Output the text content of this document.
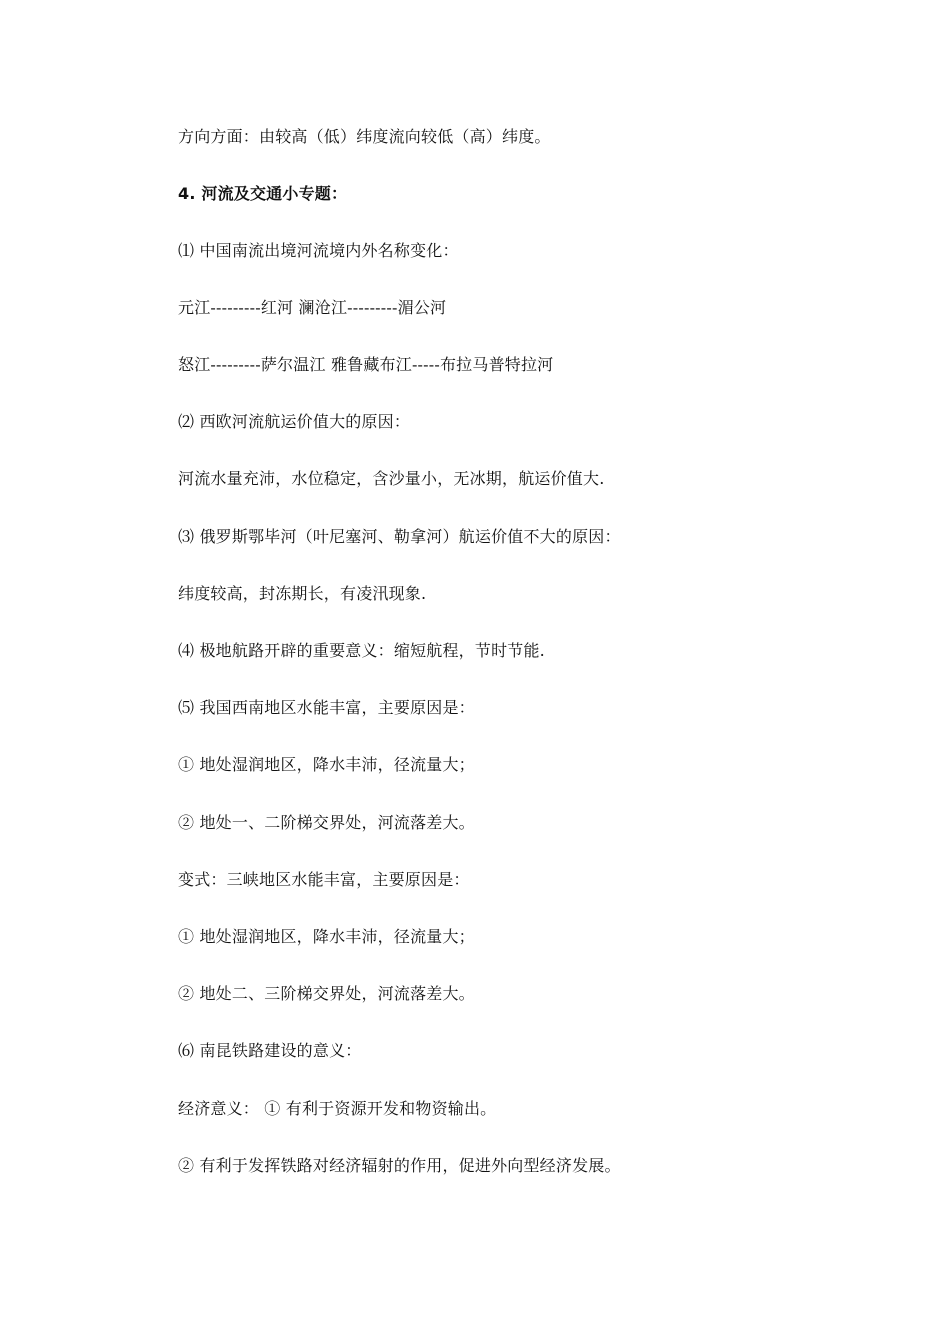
方向方面：由较高（低）纬度流向较低（高）纬度。
4. 河流及交通小专题：
⑴ 中国南流出境河流境内外名称变化：
元江---------红河 澜沧江---------湄公河
怒江---------萨尔温江 雅鲁藏布江-----布拉马普特拉河
⑵ 西欧河流航运价值大的原因：
河流水量充沛，水位稳定，含沙量小，无冰期，航运价值大.
⑶ 俄罗斯鄂毕河（叶尼塞河、勒拿河）航运价值不大的原因：
纬度较高，封冻期长，有凌汛现象.
⑷ 极地航路开辟的重要意义：缩短航程，节时节能.
⑸ 我国西南地区水能丰富，主要原因是：
① 地处湿润地区，降水丰沛，径流量大；
② 地处一、二阶梯交界处，河流落差大。
变式：三峡地区水能丰富，主要原因是：
① 地处湿润地区，降水丰沛，径流量大；
② 地处二、三阶梯交界处，河流落差大。
⑹ 南昆铁路建设的意义：
经济意义： ① 有利于资源开发和物资输出。
② 有利于发挥铁路对经济辐射的作用，促进外向型经济发展。
